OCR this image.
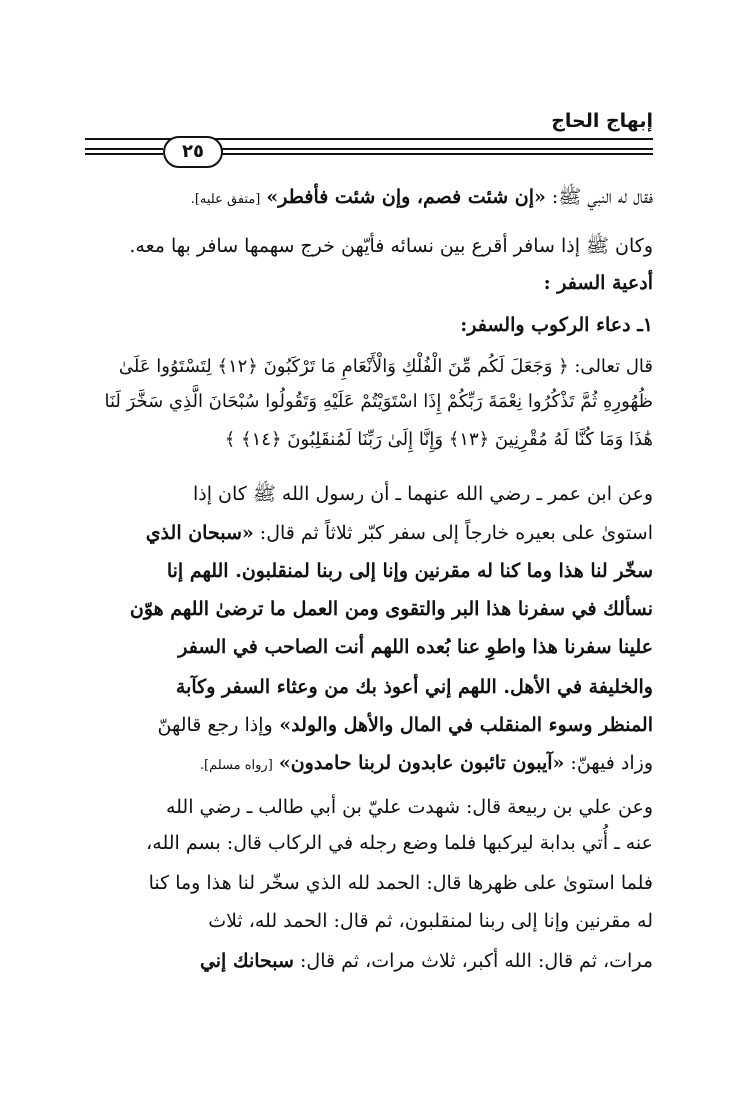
إبهاج الحاج
٢٥
فقال له النبي ﷺ: «إن شئت فصم، وإن شئت فأفطر» [متفق عليه].
وكان ﷺ إذا سافر أقرع بين نسائه فأيّهن خرج سهمها سافر بها معه.
أدعية السفر :
١ـ دعاء الركوب والسفر:
قال تعالى: ﴿ وَجَعَلَ لَكُم مِّنَ الْفُلْكِ وَالْأَنْعَامِ مَا تَرْكَبُونَ ﴿١٢﴾ لِتَسْتَوُوا عَلَىٰ
ظُهُورِهِ ثُمَّ تَذْكُرُوا نِعْمَةَ رَبِّكُمْ إِذَا اسْتَوَيْتُمْ عَلَيْهِ وَتَقُولُوا سُبْحَانَ الَّذِي سَخَّرَ لَنَا
هَٰذَا وَمَا كُنَّا لَهُ مُقْرِنِينَ ﴿١٣﴾ وَإِنَّا إِلَىٰ رَبِّنَا لَمُنقَلِبُونَ ﴿١٤﴾ ﴾
وعن ابن عمر ـ رضي الله عنهما ـ أن رسول الله ﷺ كان إذا
استوىٰ على بعيره خارجاً إلى سفر كبّر ثلاثاً ثم قال: «سبحان الذي
سخّر لنا هذا وما كنا له مقرنين وإنا إلى ربنا لمنقلبون. اللهم إنا
نسألك في سفرنا هذا البر والتقوى ومن العمل ما ترضىٰ اللهم هوّن
علينا سفرنا هذا واطوِ عنا بُعده اللهم أنت الصاحب في السفر
والخليفة في الأهل. اللهم إني أعوذ بك من وعثاء السفر وكآبة
المنظر وسوء المنقلب في المال والأهل والولد» وإذا رجع قالهنّ
وزاد فيهنّ: «آيبون تائبون عابدون لربنا حامدون» [رواه مسلم].
وعن علي بن ربيعة قال: شهدت عليّ بن أبي طالب ـ رضي الله
عنه ـ أُتي بدابة ليركبها فلما وضع رجله في الركاب قال: بسم الله،
فلما استوىٰ على ظهرها قال: الحمد لله الذي سخّر لنا هذا وما كنا
له مقرنين وإنا إلى ربنا لمنقلبون، ثم قال: الحمد لله، ثلاث
مرات، ثم قال: الله أكبر، ثلاث مرات، ثم قال: سبحانك إني
